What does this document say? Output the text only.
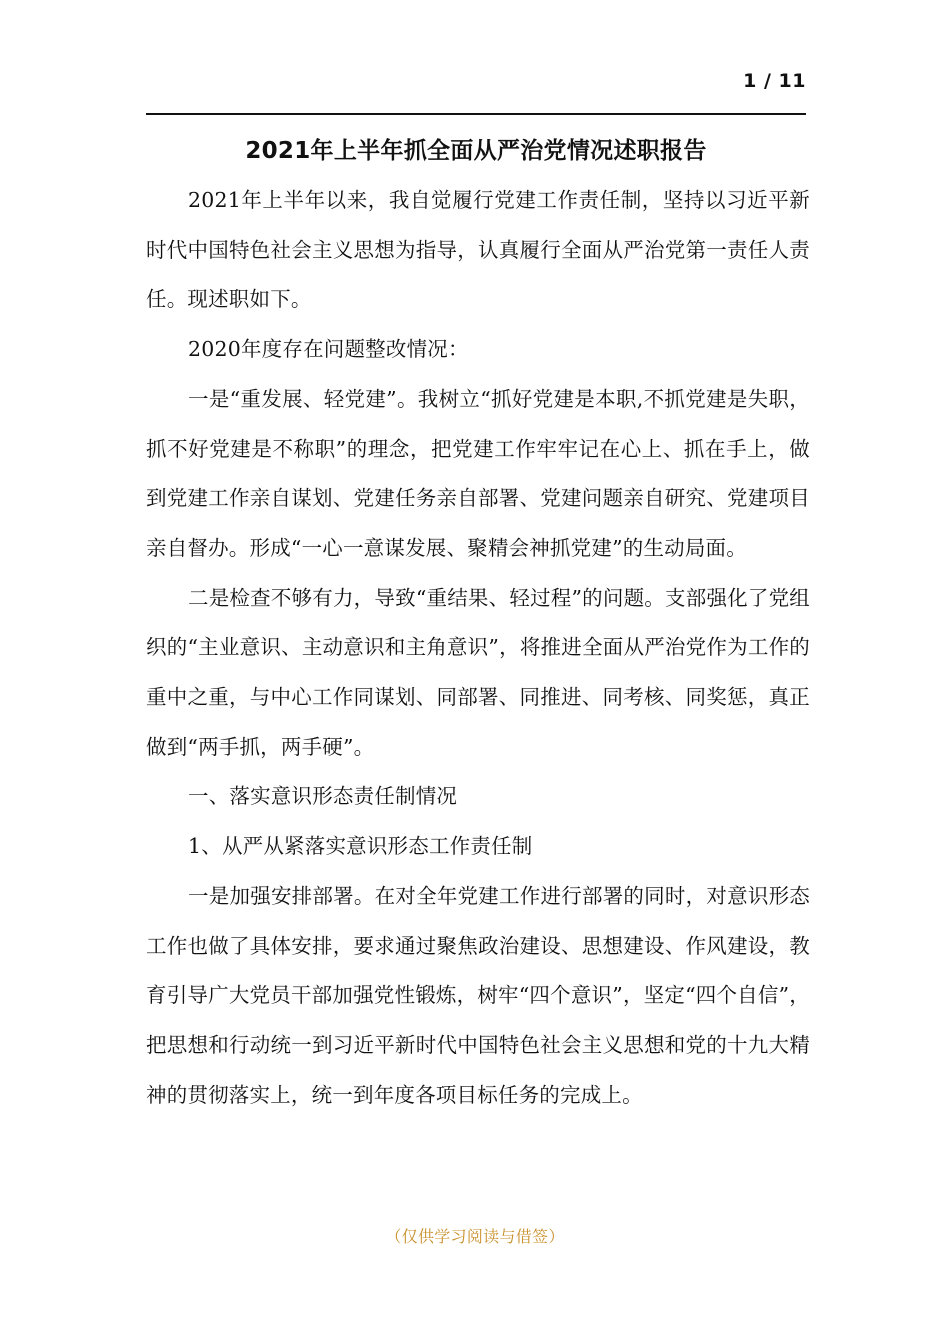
1 / 11
2021年上半年抓全面从严治党情况述职报告

2021年上半年以来，我自觉履行党建工作责任制，坚持以习近平新时代中国特色社会主义思想为指导，认真履行全面从严治党第一责任人责任。现述职如下。

2020年度存在问题整改情况：

一是“重发展、轻党建”。我树立“抓好党建是本职,不抓党建是失职，抓不好党建是不称职”的理念，把党建工作牢牢记在心上、抓在手上，做到党建工作亲自谋划、党建任务亲自部署、党建问题亲自研究、党建项目亲自督办。形成“一心一意谋发展、聚精会神抓党建”的生动局面。

二是检查不够有力，导致“重结果、轻过程”的问题。支部强化了党组织的“主业意识、主动意识和主角意识”，将推进全面从严治党作为工作的重中之重，与中心工作同谋划、同部署、同推进、同考核、同奖惩，真正做到“两手抓，两手硬”。

一、落实意识形态责任制情况

1、从严从紧落实意识形态工作责任制

一是加强安排部署。在对全年党建工作进行部署的同时，对意识形态工作也做了具体安排，要求通过聚焦政治建设、思想建设、作风建设，教育引导广大党员干部加强党性锻炼，树牢“四个意识”，坚定“四个自信”，把思想和行动统一到习近平新时代中国特色社会主义思想和党的十九大精神的贯彻落实上，统一到年度各项目标任务的完成上。

（仅供学习阅读与借签）
